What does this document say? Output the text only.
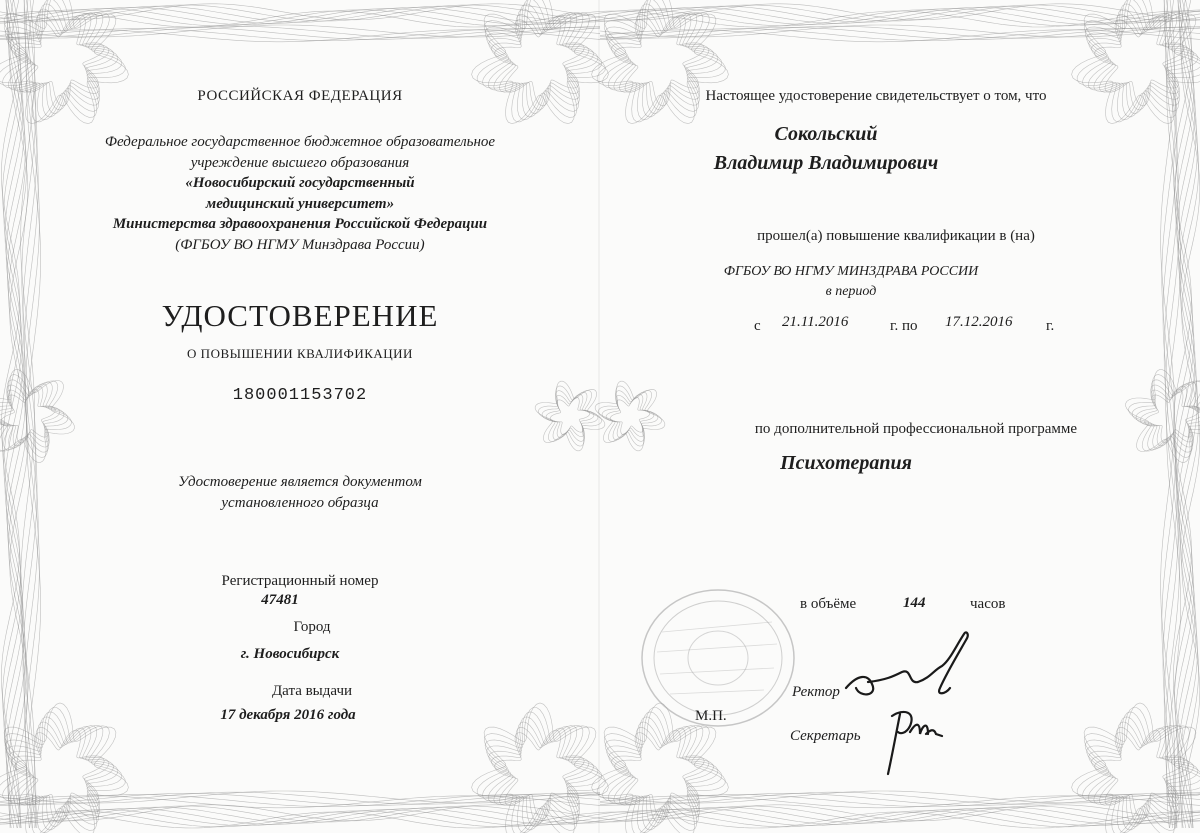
РОССИЙСКАЯ ФЕДЕРАЦИЯ
Федеральное государственное бюджетное образовательное
учреждение высшего образования
«Новосибирский государственный
медицинский университет»
Министерства здравоохранения Российской Федерации
(ФГБОУ ВО НГМУ Минздрава России)
УДОСТОВЕРЕНИЕ
О ПОВЫШЕНИИ КВАЛИФИКАЦИИ
180001153702
Удостоверение является документом
установленного образца
Регистрационный номер
47481
Город
г. Новосибирск
Дата выдачи
17 декабря 2016 года
Настоящее удостоверение свидетельствует о том, что
Сокольский
Владимир Владимирович
прошел(а) повышение квалификации в (на)
ФГБОУ ВО НГМУ МИНЗДРАВА РОССИИ
в период
с 21.11.2016	г. по 17.12.2016 г.
по дополнительной профессиональной программе
Психотерапия
в объёме	144	часов
Ректор
М.П.
Секретарь
